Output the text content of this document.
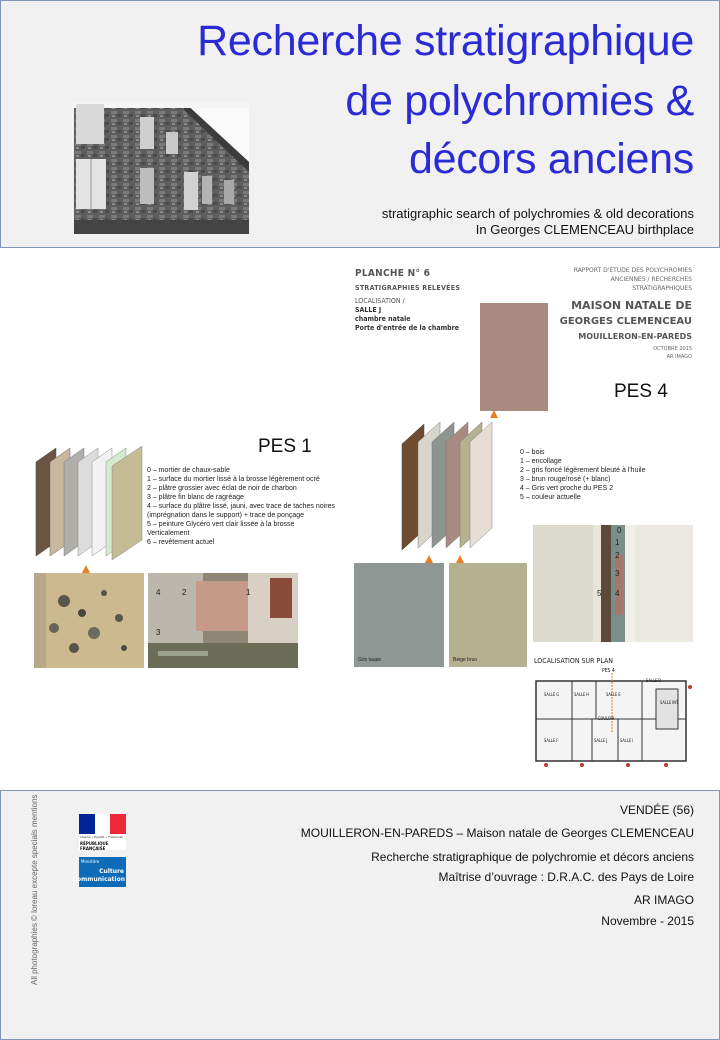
Recherche stratigraphique
de polychromies &
décors anciens
stratigraphic search of polychromies & old decorations
In Georges CLEMENCEAU birthplace
PLANCHE N° 6
STRATIGRAPHIES RELEVÉES
LOCALISATION /
SALLE J
chambre natale
Porte d'entrée de la chambre
RAPPORT D'ÉTUDE DES POLYCHROMIES
ANCIENNES / RECHERCHES
STRATIGRAPHIQUES
MAISON NATALE DE
GEORGES CLEMENCEAU
MOUILLERON-EN-PAREDS
OCTOBRE 2015
AR IMAGO
PES 4
PES 1
0 – mortier de chaux-sable
1 – surface du mortier lissé à la brosse légèrement ocré
2 – plâtre grossier avec éclat de noir de charbon
3 – plâtre fin blanc de ragréage
4 – surface du plâtre lissé, jauni, avec trace de taches noires
(imprégnation dans le support) + trace de ponçage
5 – peinture Glycéro vert clair lissée à la brosse
Verticalement
6 – revêtement actuel
4	2
3
1
0 – bois
1 – encollage
2 – gris foncé légèrement bleuté à l'huile
3 – brun rouge/rosé (+ blanc)
4 – Gris vert proche du PES 2
5 – couleur actuelle
Gris taupe	Beige brun
0
1
2
3
5 4
LOCALISATION SUR PLAN
PES 4
SALLE G	SALLE H	SALLE E
SALLE INT
COULOIR
SALLE F	SALLE J	SALLE I
SALLE D
VENDÉE (56)
MOUILLERON-EN-PAREDS – Maison natale de Georges CLEMENCEAU
Recherche stratigraphique de polychromie et décors anciens
Maîtrise d’ouvrage : D.R.A.C. des Pays de Loire
AR IMAGO
Novembre - 2015
All photographies © loreau excepte specials mentions	Liberté • Égalité • Fraternité
RÉPUBLIQUE FRANÇAISE
Ministère
Culture
Communication
